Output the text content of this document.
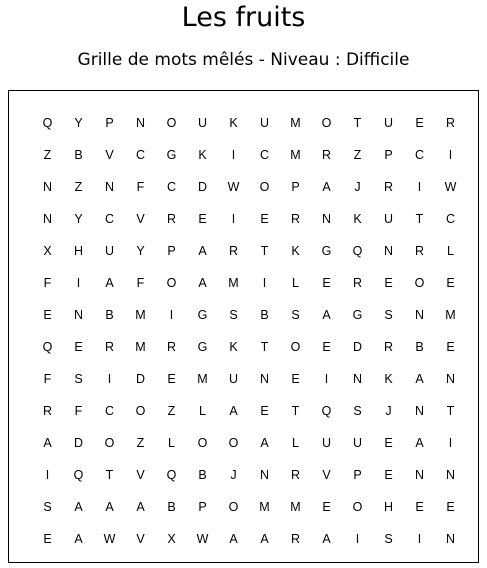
Les fruits
Grille de mots mêlés - Niveau : Difficile
Q	Y	P	N	O	U	K	U	M	O	T	U	E	R
Z	B	V	C	G	K	I	C	M	R	Z	P	C	I
N	Z	N	F	C	D	W	O	P	A	J	R	I	W
N	Y	C	V	R	E	I	E	R	N	K	U	T	C
X	H	U	Y	P	A	R	T	K	G	Q	N	R	L
F	I	A	F	O	A	M	I	L	E	R	E	O	E
E	N	B	M	I	G	S	B	S	A	G	S	N	M
Q	E	R	M	R	G	K	T	O	E	D	R	B	E
F	S	I	D	E	M	U	N	E	I	N	K	A	N
R	F	C	O	Z	L	A	E	T	Q	S	J	N	T
A	D	O	Z	L	O	O	A	L	U	U	E	A	I
I	Q	T	V	Q	B	J	N	R	V	P	E	N	N
S	A	A	A	B	P	O	M	M	E	O	H	E	E
E	A	W	V	X	W	A	A	R	A	I	S	I	N
